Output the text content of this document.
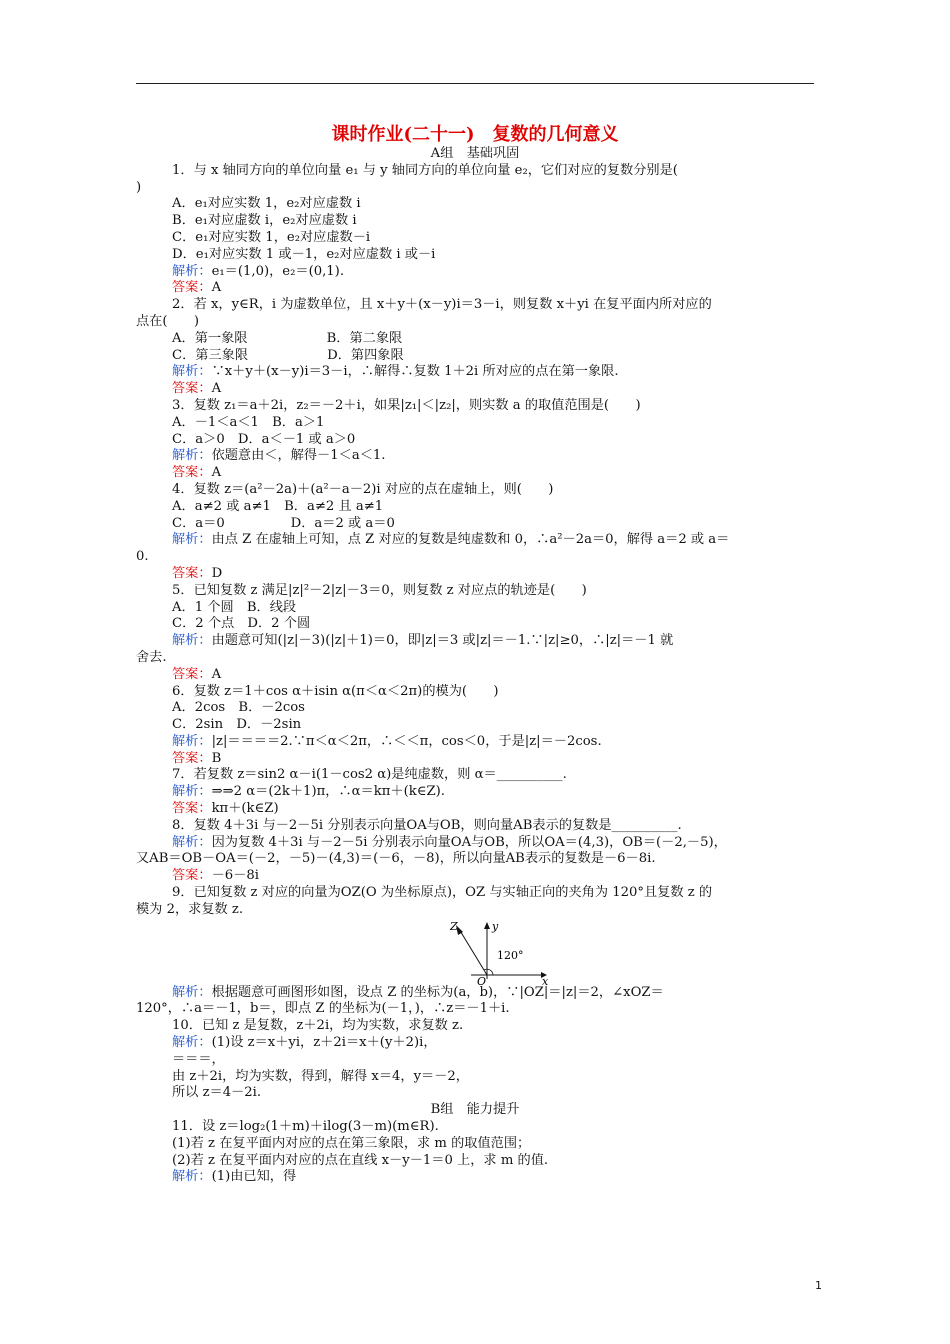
课时作业(二十一)　复数的几何意义
A组　基础巩固
1．与 x 轴同方向的单位向量 e₁ 与 y 轴同方向的单位向量 e₂，它们对应的复数分别是(
)
A．e₁对应实数 1，e₂对应虚数 i
B．e₁对应虚数 i，e₂对应虚数 i
C．e₁对应实数 1，e₂对应虚数－i
D．e₁对应实数 1 或－1，e₂对应虚数 i 或－i
解析：e₁＝(1,0)，e₂＝(0,1).
答案：A
2．若 x，y∈R，i 为虚数单位，且 x＋y＋(x－y)i＝3－i，则复数 x＋yi 在复平面内所对应的
点在(　　)
A．第一象限　　　　　　B．第二象限
C．第三象限　　　　　　D．第四象限
解析：∵x＋y＋(x－y)i＝3－i，∴解得∴复数 1＋2i 所对应的点在第一象限.
答案：A
3．复数 z₁＝a＋2i，z₂＝－2＋i，如果|z₁|＜|z₂|，则实数 a 的取值范围是(　　)
A．－1＜a＜1　B．a＞1
C．a＞0　D．a＜－1 或 a＞0
解析：依题意由＜，解得－1＜a＜1.
答案：A
4．复数 z＝(a²－2a)＋(a²－a－2)i 对应的点在虚轴上，则(　　)
A．a≠2 或 a≠1　B．a≠2 且 a≠1
C．a＝0　　　　　D．a＝2 或 a＝0
解析：由点 Z 在虚轴上可知，点 Z 对应的复数是纯虚数和 0，∴a²－2a＝0，解得 a＝2 或 a＝
0.
答案：D
5．已知复数 z 满足|z|²－2|z|－3＝0，则复数 z 对应点的轨迹是(　　)
A．1 个圆　B．线段
C．2 个点　D．2 个圆
解析：由题意可知(|z|－3)(|z|＋1)＝0，即|z|＝3 或|z|＝－1.∵|z|≥0，∴|z|＝－1 就
舍去.
答案：A
6．复数 z＝1＋cos α＋isin α(π＜α＜2π)的模为(　　)
A．2cos　B．－2cos
C．2sin　D．－2sin
解析：|z|＝＝＝＝2.∵π＜α＜2π，∴＜＜π，cos＜0，于是|z|＝－2cos.
答案：B
7．若复数 z＝sin2 α－i(1－cos2 α)是纯虚数，则 α＝__________.
解析：⇒⇒2 α＝(2k＋1)π，∴α＝kπ＋(k∈Z).
答案：kπ＋(k∈Z)
8．复数 4＋3i 与－2－5i 分别表示向量OA与OB，则向量AB表示的复数是__________.
解析：因为复数 4＋3i 与－2－5i 分别表示向量OA与OB，所以OA＝(4,3)，OB＝(－2,－5)，
又AB＝OB－OA＝(－2，－5)－(4,3)＝(－6，－8)，所以向量AB表示的复数是－6－8i.
答案：－6－8i
9．已知复数 z 对应的向量为OZ(O 为坐标原点)，OZ 与实轴正向的夹角为 120°且复数 z 的
模为 2，求复数 z.
Z	y
120°
O	x
解析：根据题意可画图形如图，设点 Z 的坐标为(a，b)，∵|OZ|＝|z|＝2，∠xOZ＝
120°，∴a＝－1，b＝，即点 Z 的坐标为(－1，)，∴z＝－1＋i.
10．已知 z 是复数，z＋2i，均为实数，求复数 z.
解析：(1)设 z＝x＋yi，z＋2i＝x＋(y＋2)i，
＝＝＝，
由 z＋2i，均为实数，得到，解得 x＝4，y＝－2，
所以 z＝4－2i.
B组　能力提升
11．设 z＝log₂(1＋m)＋ilog(3－m)(m∈R).
(1)若 z 在复平面内对应的点在第三象限，求 m 的取值范围；
(2)若 z 在复平面内对应的点在直线 x－y－1＝0 上，求 m 的值.
解析：(1)由已知，得
1
